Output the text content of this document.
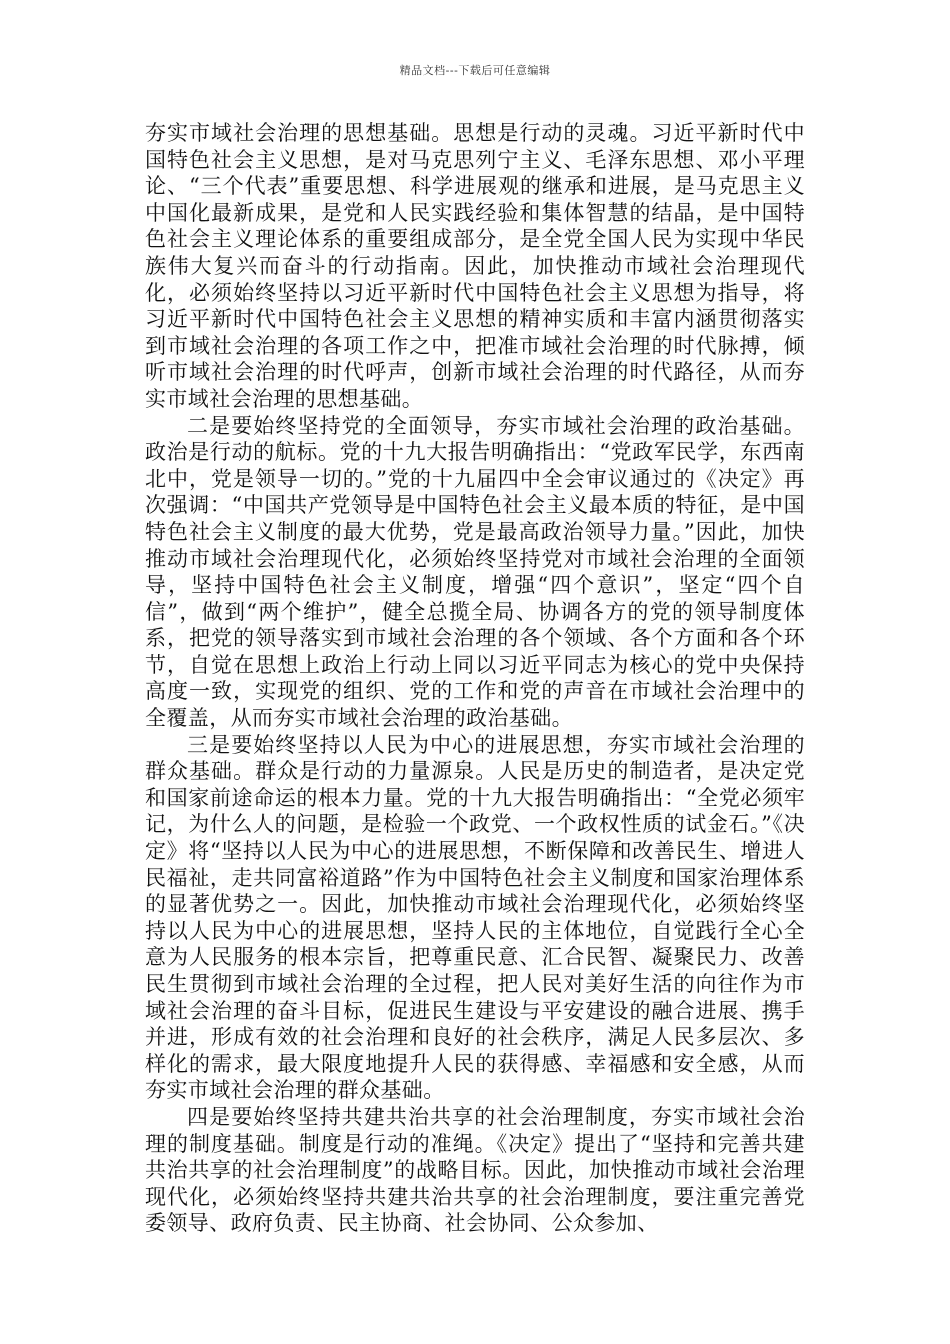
精品文档---下载后可任意编辑

夯实市域社会治理的思想基础。思想是行动的灵魂。习近平新时代中国特色社会主义思想，是对马克思列宁主义、毛泽东思想、邓小平理论、“三个代表”重要思想、科学进展观的继承和进展，是马克思主义中国化最新成果，是党和人民实践经验和集体智慧的结晶，是中国特色社会主义理论体系的重要组成部分，是全党全国人民为实现中华民族伟大复兴而奋斗的行动指南。因此，加快推动市域社会治理现代化，必须始终坚持以习近平新时代中国特色社会主义思想为指导，将习近平新时代中国特色社会主义思想的精神实质和丰富内涵贯彻落实到市域社会治理的各项工作之中，把准市域社会治理的时代脉搏，倾听市域社会治理的时代呼声，创新市域社会治理的时代路径，从而夯实市域社会治理的思想基础。

二是要始终坚持党的全面领导，夯实市域社会治理的政治基础。政治是行动的航标。党的十九大报告明确指出：“党政军民学，东西南北中，党是领导一切的。”党的十九届四中全会审议通过的《决定》再次强调：“中国共产党领导是中国特色社会主义最本质的特征，是中国特色社会主义制度的最大优势，党是最高政治领导力量。”因此，加快推动市域社会治理现代化，必须始终坚持党对市域社会治理的全面领导，坚持中国特色社会主义制度，增强“四个意识”，坚定“四个自信”，做到“两个维护”，健全总揽全局、协调各方的党的领导制度体系，把党的领导落实到市域社会治理的各个领域、各个方面和各个环节，自觉在思想上政治上行动上同以习近平同志为核心的党中央保持高度一致，实现党的组织、党的工作和党的声音在市域社会治理中的全覆盖，从而夯实市域社会治理的政治基础。

三是要始终坚持以人民为中心的进展思想，夯实市域社会治理的群众基础。群众是行动的力量源泉。人民是历史的制造者，是决定党和国家前途命运的根本力量。党的十九大报告明确指出：“全党必须牢记，为什么人的问题，是检验一个政党、一个政权性质的试金石。”《决定》将“坚持以人民为中心的进展思想，不断保障和改善民生、增进人民福祉，走共同富裕道路”作为中国特色社会主义制度和国家治理体系的显著优势之一。因此，加快推动市域社会治理现代化，必须始终坚持以人民为中心的进展思想，坚持人民的主体地位，自觉践行全心全意为人民服务的根本宗旨，把尊重民意、汇合民智、凝聚民力、改善民生贯彻到市域社会治理的全过程，把人民对美好生活的向往作为市域社会治理的奋斗目标，促进民生建设与平安建设的融合进展、携手并进，形成有效的社会治理和良好的社会秩序，满足人民多层次、多样化的需求，最大限度地提升人民的获得感、幸福感和安全感，从而夯实市域社会治理的群众基础。

四是要始终坚持共建共治共享的社会治理制度，夯实市域社会治理的制度基础。制度是行动的准绳。《决定》提出了“坚持和完善共建共治共享的社会治理制度”的战略目标。因此，加快推动市域社会治理现代化，必须始终坚持共建共治共享的社会治理制度，要注重完善党委领导、政府负责、民主协商、社会协同、公众参加、
